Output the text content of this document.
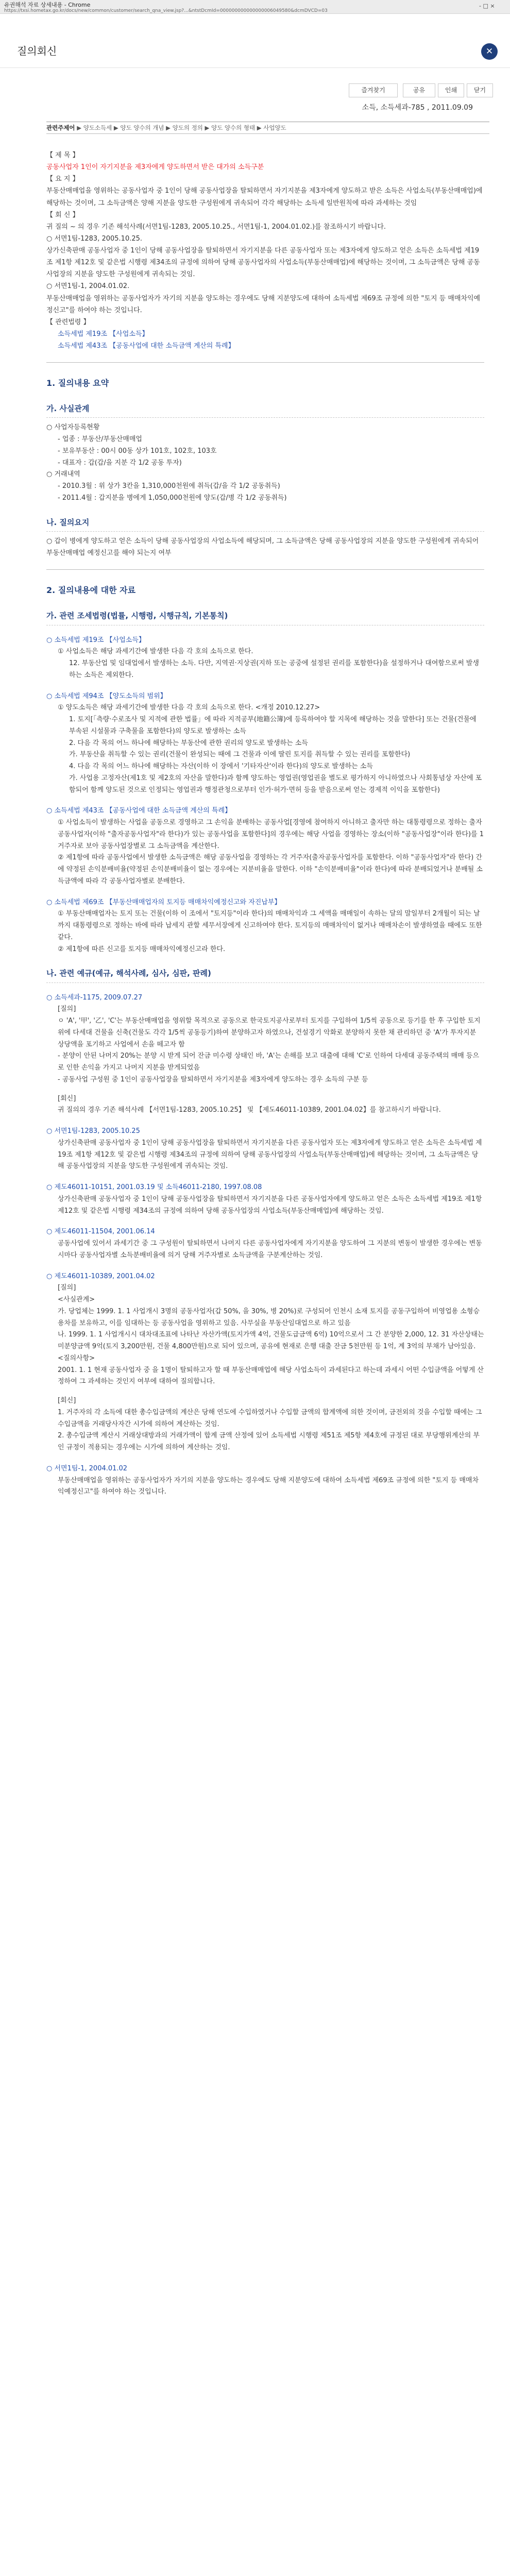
유권해석 자료 상세내용 - Chrome
https://txsi.hometax.go.kr/docs/new/common/customer/search_qna_view.jsp?...&ntstDcmId=000000000000000006049580&dcmDVCD=03
- □ ×
질의회신	✕
즐겨찾기	공유	인쇄	닫기
소득, 소득세과-785 , 2011.09.09
관련주제어 ▶ 양도소득세 ▶ 양도 양수의 개념 ▶ 양도의 정의 ▶ 양도 양수의 형태 ▶ 사업양도

【 제 목 】

공동사업자 1인이 자기지분을 제3자에게 양도하면서 받은 대가의 소득구분

【 요 지 】

부동산매매업을 영위하는 공동사업자 중 1인이 당해 공동사업장을 탈퇴하면서 자기지분을 제3자에게 양도하고 받은 소득은 사업소득(부동산매매업)에 해당하는 것이며, 그 소득금액은 양해 지분을 양도한 구성원에게 귀속되어 각각 해당하는 소득세 일반원칙에 따라 과세하는 것임

【 회 신 】

귀 질의 ~ 의 경우 기존 해석사례(서면1팀-1283, 2005.10.25., 서면1팀-1, 2004.01.02.)를 참조하시기 바랍니다.

○ 서면1팀-1283, 2005.10.25.

상가신축판매 공동사업자 중 1인이 당해 공동사업장을 탈퇴하면서 자기지분을 다른 공동사업자 또는 제3자에게 양도하고 얻은 소득은 소득세법 제19조 제1항 제12호 및 같은법 시행령 제34조의 규정에 의하여 당해 공동사업자의 사업소득(부동산매매업)에 해당하는 것이며, 그 소득금액은 당해 공동사업장의 지분을 양도한 구성원에게 귀속되는 것임.

○ 서면1팀-1, 2004.01.02.

부동산매매업을 영위하는 공동사업자가 자기의 지분을 양도하는 경우에도 당해 지분양도에 대하여 소득세법 제69조 규정에 의한 "토지 등 매매차익예정신고"를 하여야 하는 것입니다.

【 관련법령 】

소득세법 제19조 【사업소득】

소득세법 제43조 【공동사업에 대한 소득금액 계산의 특례】

1. 질의내용 요약
가. 사실관계

○ 사업자등록현황

- 업종 : 부동산/부동산매매업

- 보유부동산 : 00시 00동 상가 101호, 102호, 103호

- 대표자 : 갑(갑/을 지분 각 1/2 공동 투자)

○ 거래내역

- 2010.3월 : 위 상가 3칸을 1,310,000천원에 취득(갑/을 각 1/2 공동취득)

- 2011.4월 : 갑지분을 병에게 1,050,000천원에 양도(갑/병 각 1/2 공동취득)

나. 질의요지

○ 갑이 병에게 양도하고 얻은 소득이 당해 공동사업장의 사업소득에 해당되며, 그 소득금액은 당해 공동사업장의 지분을 양도한 구성원에게 귀속되어 부동산매매업 예정신고를 해야 되는지 여부

2. 질의내용에 대한 자료
가. 관련 조세법령(법률, 시행령, 시행규칙, 기본통칙)

○ 소득세법 제19조 【사업소득】

① 사업소득은 해당 과세기간에 발생한 다음 각 호의 소득으로 한다.

12. 부동산업 및 임대업에서 발생하는 소득. 다만, 지역권·지상권(지하 또는 공중에 설정된 권리를 포함한다)을 설정하거나 대여함으로써 발생하는 소득은 제외한다.

○ 소득세법 제94조 【양도소득의 범위】

① 양도소득은 해당 과세기간에 발생한 다음 각 호의 소득으로 한다. <개정 2010.12.27>

1. 토지[「측량·수로조사 및 지적에 관한 법률」에 따라 지적공부(地籍公簿)에 등록하여야 할 지목에 해당하는 것을 말한다] 또는 건물(건물에 부속된 시설물과 구축물을 포함한다)의 양도로 발생하는 소득

2. 다음 각 목의 어느 하나에 해당하는 부동산에 관한 권리의 양도로 발생하는 소득

가. 부동산을 취득할 수 있는 권리(건물이 완성되는 때에 그 건물과 이에 딸린 토지를 취득할 수 있는 권리를 포함한다)

4. 다음 각 목의 어느 하나에 해당하는 자산(이하 이 장에서 '기타자산'이라 한다)의 양도로 발생하는 소득

가. 사업용 고정자산(제1호 및 제2호의 자산을 말한다)과 함께 양도하는 영업권(영업권을 별도로 평가하지 아니하였으나 사회통념상 자산에 포함되어 함께 양도된 것으로 인정되는 영업권과 행정관청으로부터 인가·허가·면허 등을 받음으로써 얻는 경제적 이익을 포함한다)

○ 소득세법 제43조 【공동사업에 대한 소득금액 계산의 특례】

① 사업소득이 발생하는 사업을 공동으로 경영하고 그 손익을 분배하는 공동사업[경영에 참여하지 아니하고 출자만 하는 대통령령으로 정하는 출자공동사업자(이하 "출자공동사업자"라 한다)가 있는 공동사업을 포함한다]의 경우에는 해당 사업을 경영하는 장소(이하 "공동사업장"이라 한다)를 1거주자로 보아 공동사업장별로 그 소득금액을 계산한다.

② 제1항에 따라 공동사업에서 발생한 소득금액은 해당 공동사업을 경영하는 각 거주자(출자공동사업자를 포함한다. 이하 "공동사업자"라 한다) 간에 약정된 손익분배비율(약정된 손익분배비율이 없는 경우에는 지분비율을 말한다. 이하 "손익분배비율"이라 한다)에 따라 분배되었거나 분배될 소득금액에 따라 각 공동사업자별로 분배한다.

○ 소득세법 제69조 【부동산매매업자의 토지등 매매차익예정신고와 자진납부】

① 부동산매매업자는 토지 또는 건물(이하 이 조에서 "토지등"이라 한다)의 매매차익과 그 세액을 매매일이 속하는 달의 말일부터 2개월이 되는 날까지 대통령령으로 정하는 바에 따라 납세지 관할 세무서장에게 신고하여야 한다. 토지등의 매매차익이 없거나 매매차손이 발생하였을 때에도 또한 같다.

② 제1항에 따른 신고를 토지등 매매차익예정신고라 한다.

나. 관련 예규(예규, 해석사례, 심사, 심판, 판례)

○ 소득세과-1175, 2009.07.27

[질의]

ㅇ 'A', '甲', '乙', 'C'는 부동산매매업을 영위할 목적으로 공동으로 한국토지공사로부터 토지를 구입하여 1/5씩 공동으로 등기를 한 후 구입한 토지위에 다세대 건물을 신축(건물도 각각 1/5씩 공동등기)하여 분양하고자 하였으나, 건설경기 악화로 분양하지 못한 채 관리하던 중 'A'가 투자지분 상당액을 포기하고 사업에서 손을 떼고자 함

- 분양이 안된 나머지 20%는 분양 시 받게 되어 잔금 미수령 상태인 바, 'A'는 손해를 보고 대출에 대해 'C'로 인하여 다세대 공동주택의 매매 등으로 인한 손익을 가지고 나머지 지분을 받게되었음

- 공동사업 구성원 중 1인이 공동사업장을 탈퇴하면서 자기지분을 제3자에게 양도하는 경우 소득의 구분 등

[회신]

귀 질의의 경우 기존 해석사례 【서면1팀-1283, 2005.10.25】 및 【제도46011-10389, 2001.04.02】를 참고하시기 바랍니다.

○ 서면1팀-1283, 2005.10.25

상가신축판매 공동사업자 중 1인이 당해 공동사업장을 탈퇴하면서 자기지분을 다른 공동사업자 또는 제3자에게 양도하고 얻은 소득은 소득세법 제19조 제1항 제12호 및 같은법 시행령 제34조의 규정에 의하여 당해 공동사업장의 사업소득(부동산매매업)에 해당하는 것이며, 그 소득금액은 당해 공동사업장의 지분을 양도한 구성원에게 귀속되는 것임.

○ 제도46011-10151, 2001.03.19 및 소득46011-2180, 1997.08.08

상가신축판매 공동사업자 중 1인이 당해 공동사업장을 탈퇴하면서 자기지분을 다른 공동사업자에게 양도하고 얻은 소득은 소득세법 제19조 제1항 제12호 및 같은법 시행령 제34조의 규정에 의하여 당해 공동사업장의 사업소득(부동산매매업)에 해당하는 것임.

○ 제도46011-11504, 2001.06.14

공동사업에 있어서 과세기간 중 그 구성원이 탈퇴하면서 나머지 다른 공동사업자에게 자기지분을 양도하여 그 지분의 변동이 발생한 경우에는 변동시마다 공동사업자별 소득분배비율에 의거 당해 거주자별로 소득금액을 구분계산하는 것임.

○ 제도46011-10389, 2001.04.02

[질의]

<사실관계>

가. 당업체는 1999. 1. 1 사업개시 3명의 공동사업자(갑 50%, 을 30%, 병 20%)로 구성되어 인천시 소재 토지를 공동구입하여 비영업용 소형승용차를 보유하고, 이를 임대하는 등 공동사업을 영위하고 있음. 사무실을 부동산임대업으로 하고 있음

나. 1999. 1. 1 사업개시시 대차대조표에 나타난 자산가액(토지가액 4억, 건물도급금액 6억) 10억으로서 그 간 분양한 2,000, 12. 31 자산상태는 미분양금액 9억(토지 3,200만원, 건물 4,800만원)으로 되어 있으며, 공유에 현재로 은행 대출 잔금 5천만원 등 1억, 계 3억의 부채가 남아있음.

<질의사항>

2001. 1. 1 현재 공동사업자 중 을 1명이 탈퇴하고자 할 때 부동산매매업에 해당 사업소득이 과세된다고 하는데 과세시 어떤 수입금액을 어떻게 산정하여 그 과세하는 것인지 여부에 대하여 질의합니다.

[회신]

1. 거주자의 각 소득에 대한 총수입금액의 계산은 당해 연도에 수입하였거나 수입할 금액의 합계액에 의한 것이며, 금전외의 것을 수입할 때에는 그 수입금액을 거래당사자간 시가에 의하여 계산하는 것임.

2. 총수입금액 계산시 거래상대방과의 거래가액이 합계 금액 산정에 있어 소득세법 시행령 제51조 제5항 제4호에 규정된 대로 부당행위계산의 부인 규정이 적용되는 경우에는 시가에 의하여 계산하는 것임.

○ 서면1팀-1, 2004.01.02

부동산매매업을 영위하는 공동사업자가 자기의 지분을 양도하는 경우에도 당해 지분양도에 대하여 소득세법 제69조 규정에 의한 "토지 등 매매차익예정신고"를 하여야 하는 것입니다.
